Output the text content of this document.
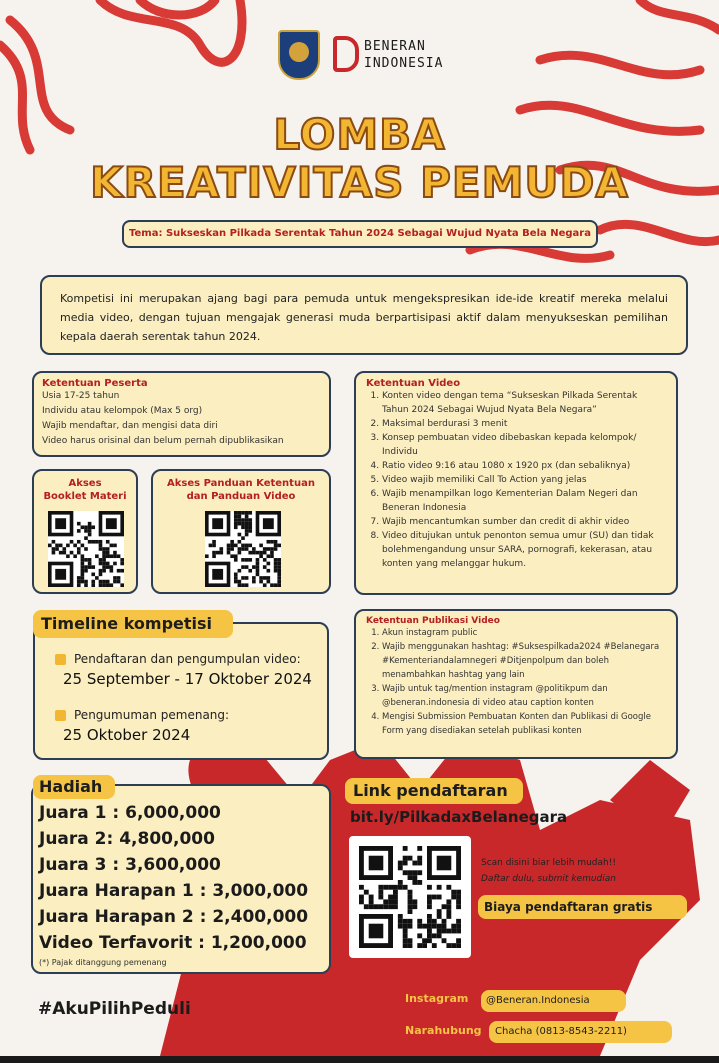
BENERAN
INDONESIA
LOMBA
KREATIVITAS PEMUDA
Tema: Sukseskan Pilkada Serentak Tahun 2024 Sebagai Wujud Nyata Bela Negara
Kompetisi ini merupakan ajang bagi para pemuda untuk mengekspresikan ide-ide kreatif mereka melalui media video, dengan tujuan mengajak generasi muda berpartisipasi aktif dalam menyukseskan pemilihan kepala daerah serentak tahun 2024.
Ketentuan Peserta
Usia 17-25 tahun
Individu atau kelompok (Max 5 org)
Wajib mendaftar, dan mengisi data diri
Video harus orisinal dan belum pernah dipublikasikan
Akses
Booklet Materi
Akses Panduan Ketentuan
dan Panduan Video
Ketentuan Video
1. Konten video dengan tema “Sukseskan Pilkada Serentak Tahun 2024 Sebagai Wujud Nyata Bela Negara”
2. Maksimal berdurasi 3 menit
3. Konsep pembuatan video dibebaskan kepada kelompok/ Individu
4. Ratio video 9:16 atau 1080 x 1920 px (dan sebaliknya)
5. Video wajib memiliki Call To Action yang jelas
6. Wajib menampilkan logo Kementerian Dalam Negeri dan Beneran Indonesia
7. Wajib mencantumkan sumber dan credit di akhir video
8. Video ditujukan untuk penonton semua umur (SU) dan tidak bolehmengandung unsur SARA, pornografi, kekerasan, atau konten yang melanggar hukum.
Pendaftaran dan pengumpulan video:
25 September - 17 Oktober 2024
Pengumuman pemenang:
25 Oktober 2024
Timeline kompetisi	Ketentuan Publikasi Video
1. Akun instagram public
2. Wajib menggunakan hashtag: #Suksespilkada2024 #Belanegara #Kementeriandalamnegeri #Ditjenpolpum dan boleh menambahkan hashtag yang lain
3. Wajib untuk tag/mention instagram @politikpum dan @beneran.indonesia di video atau caption konten
4. Mengisi Submission Pembuatan Konten dan Publikasi di Google Form yang disediakan setelah publikasi konten
Juara 1 : 6,000,000
Juara 2: 4,800,000
Juara 3 : 3,600,000
Juara Harapan 1 : 3,000,000
Juara Harapan 2 : 2,400,000
Video Terfavorit : 1,200,000
(*) Pajak ditanggung pemenang
Hadiah	Link pendaftaran
bit.ly/PilkadaxBelanegara
Scan disini biar lebih mudah!!
Daftar dulu, submit kemudian
Biaya pendaftaran gratis
#AkuPilihPeduli
Instagram	@Beneran.Indonesia
Narahubung	Chacha (0813-8543-2211)
